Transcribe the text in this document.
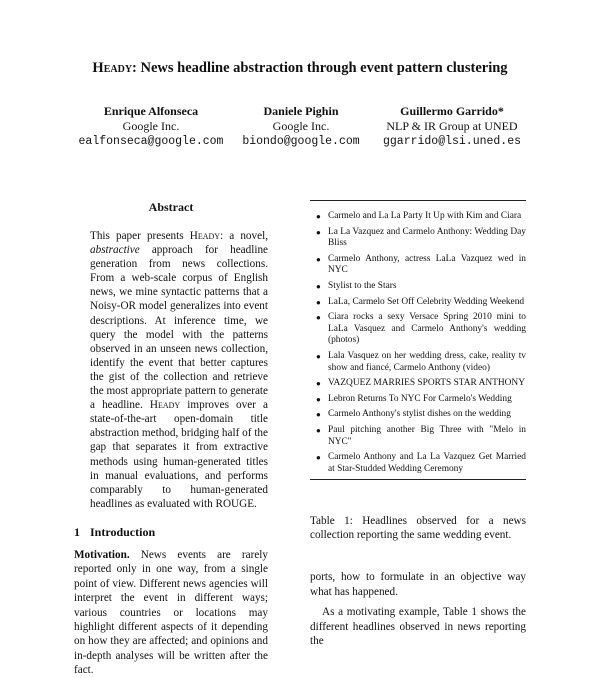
Heady: News headline abstraction through event pattern clustering
Enrique Alfonseca
Google Inc.
ealfonseca@google.com
Daniele Pighin
Google Inc.
biondo@google.com
Guillermo Garrido*
NLP & IR Group at UNED
ggarrido@lsi.uned.es
Abstract

This paper presents Heady: a novel, abstractive approach for headline generation from news collections. From a web-scale corpus of English news, we mine syntactic patterns that a Noisy-OR model generalizes into event descriptions. At inference time, we query the model with the patterns observed in an unseen news collection, identify the event that better captures the gist of the collection and retrieve the most appropriate pattern to generate a headline. Heady improves over a state-of-the-art open-domain title abstraction method, bridging half of the gap that separates it from extractive methods using human-generated titles in manual evaluations, and performs comparably to human-generated headlines as evaluated with ROUGE.

1 Introduction

Motivation. News events are rarely reported only in one way, from a single point of view. Different news agencies will interpret the event in different ways; various countries or locations may highlight different aspects of it depending on how they are affected; and opinions and in-depth analyses will be written after the fact.

● Carmelo and La La Party It Up with Kim and Ciara
● La La Vazquez and Carmelo Anthony: Wedding Day Bliss
● Carmelo Anthony, actress LaLa Vazquez wed in NYC
● Stylist to the Stars
● LaLa, Carmelo Set Off Celebrity Wedding Weekend
● Ciara rocks a sexy Versace Spring 2010 mini to LaLa Vasquez and Carmelo Anthony's wedding (photos)
● Lala Vasquez on her wedding dress, cake, reality tv show and fiancé, Carmelo Anthony (video)
● VAZQUEZ MARRIES SPORTS STAR ANTHONY
● Lebron Returns To NYC For Carmelo's Wedding
● Carmelo Anthony's stylist dishes on the wedding
● Paul pitching another Big Three with "Melo in NYC"
● Carmelo Anthony and La La Vazquez Get Married at Star-Studded Wedding Ceremony

Table 1: Headlines observed for a news collection reporting the same wedding event.

ports, how to formulate in an objective way what has happened.

As a motivating example, Table 1 shows the different headlines observed in news reporting the
